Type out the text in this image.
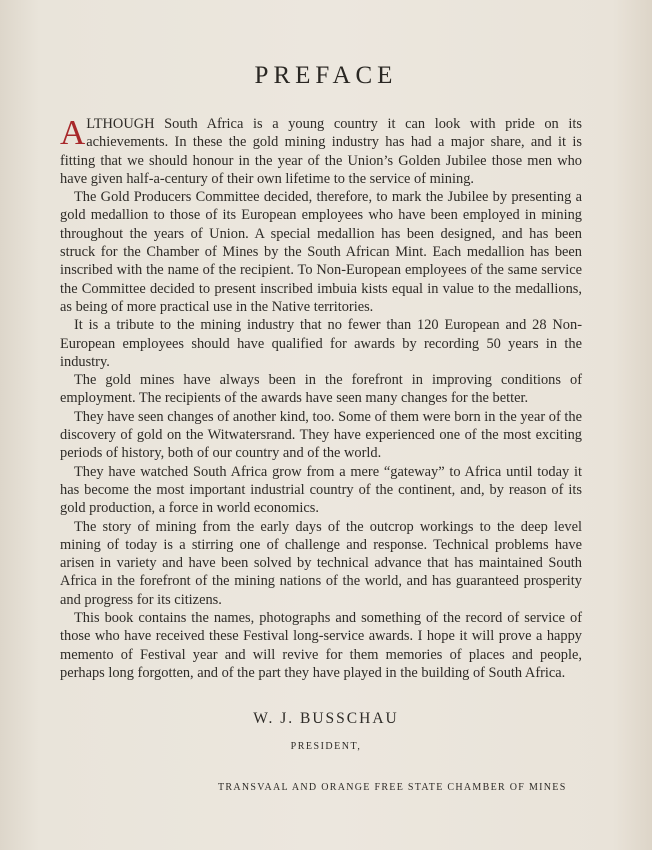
PREFACE

ALTHOUGH South Africa is a young country it can look with pride on its achievements. In these the gold mining industry has had a major share, and it is fitting that we should honour in the year of the Union’s Golden Jubilee those men who have given half-a-century of their own lifetime to the service of mining.

The Gold Producers Committee decided, therefore, to mark the Jubilee by presenting a gold medallion to those of its European employees who have been employed in mining throughout the years of Union. A special medallion has been designed, and has been struck for the Chamber of Mines by the South African Mint. Each medallion has been inscribed with the name of the recipient. To Non-European employees of the same service the Committee decided to present inscribed imbuia kists equal in value to the medallions, as being of more practical use in the Native territories.

It is a tribute to the mining industry that no fewer than 120 European and 28 Non-European employees should have qualified for awards by recording 50 years in the industry.

The gold mines have always been in the forefront in improving conditions of employment. The recipients of the awards have seen many changes for the better.

They have seen changes of another kind, too. Some of them were born in the year of the discovery of gold on the Witwatersrand. They have experienced one of the most exciting periods of history, both of our country and of the world.

They have watched South Africa grow from a mere “gateway” to Africa until today it has become the most important industrial country of the continent, and, by reason of its gold production, a force in world economics.

The story of mining from the early days of the outcrop workings to the deep level mining of today is a stirring one of challenge and response. Technical problems have arisen in variety and have been solved by technical advance that has maintained South Africa in the forefront of the mining nations of the world, and has guaranteed prosperity and progress for its citizens.

This book contains the names, photographs and something of the record of service of those who have received these Festival long-service awards. I hope it will prove a happy memento of Festival year and will revive for them memories of places and people, perhaps long forgotten, and of the part they have played in the building of South Africa.

W. J. BUSSCHAU
PRESIDENT,
TRANSVAAL AND ORANGE FREE STATE CHAMBER OF MINES
